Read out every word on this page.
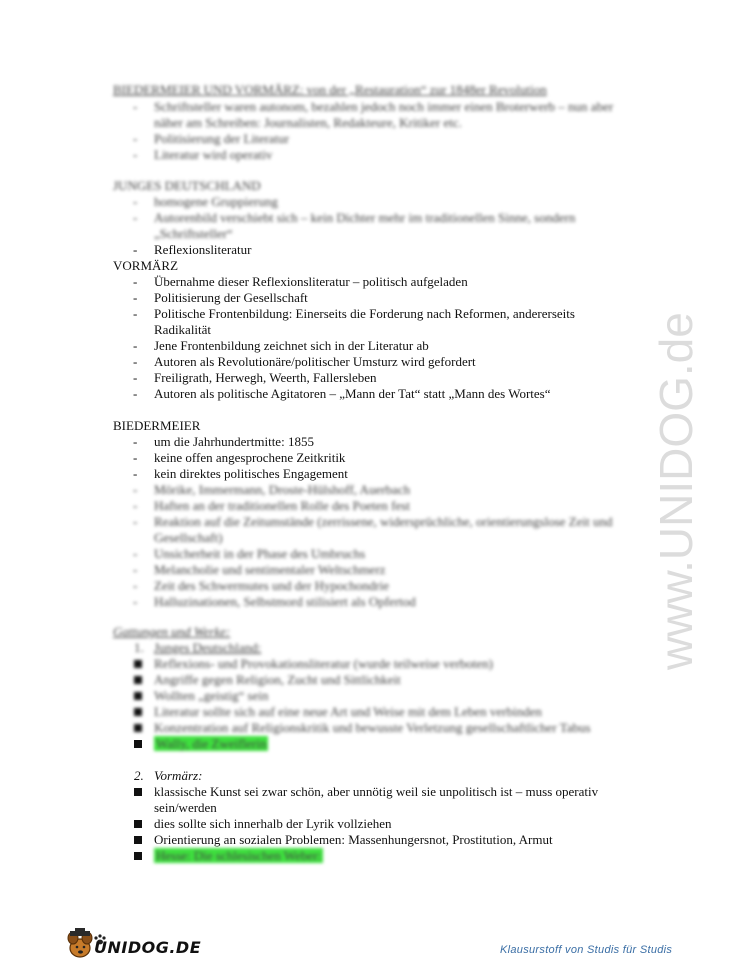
BIEDERMEIER UND VORMÄRZ: von der „Restauration“ zur 1848er Revolution
- Schriftsteller waren autonom, bezahlen jedoch noch immer einen Broterwerb – nun aber näher am Schreiben: Journalisten, Redakteure, Kritiker etc.
- Politisierung der Literatur
- Literatur wird operativ
JUNGES DEUTSCHLAND
- homogene Gruppierung
- Autorenbild verschiebt sich – kein Dichter mehr im traditionellen Sinne, sondern „Schriftsteller“
- Reflexionsliteratur
VORMÄRZ
- Übernahme dieser Reflexionsliteratur – politisch aufgeladen
- Politisierung der Gesellschaft
- Politische Frontenbildung: Einerseits die Forderung nach Reformen, andererseits Radikalität
- Jene Frontenbildung zeichnet sich in der Literatur ab
- Autoren als Revolutionäre/politischer Umsturz wird gefordert
- Freiligrath, Herwegh, Weerth, Fallersleben
- Autoren als politische Agitatoren – „Mann der Tat“ statt „Mann des Wortes“
BIEDERMEIER
- um die Jahrhundertmitte: 1855
- keine offen angesprochene Zeitkritik
- kein direktes politisches Engagement
- Mörike, Immermann, Droste-Hülshoff, Auerbach
- Haften an der traditionellen Rolle des Poeten fest
- Reaktion auf die Zeitumstände (zerrissene, widersprüchliche, orientierungslose Zeit und Gesellschaft)
- Unsicherheit in der Phase des Umbruchs
- Melancholie und sentimentaler Weltschmerz
- Zeit des Schwermutes und der Hypochondrie
- Halluzinationen, Selbstmord stilisiert als Opfertod
Gattungen und Werke:
1. Junges Deutschland:
Reflexions- und Provokationsliteratur (wurde teilweise verboten)
Angriffe gegen Religion, Zucht und Sittlichkeit
Wollten „geistig“ sein
Literatur sollte sich auf eine neue Art und Weise mit dem Leben verbinden
Konzentration auf Religionskritik und bewusste Verletzung gesellschaftlicher Tabus
Wally, die Zweiflerin
2. Vormärz:
klassische Kunst sei zwar schön, aber unnötig weil sie unpolitisch ist – muss operativ sein/werden
dies sollte sich innerhalb der Lyrik vollziehen
Orientierung an sozialen Problemen: Massenhungersnot, Prostitution, Armut
Hesse: Die schlesischen Weber:
www.UNIDOG.de
UNIDOG.DE	Klausurstoff von Studis für Studis
